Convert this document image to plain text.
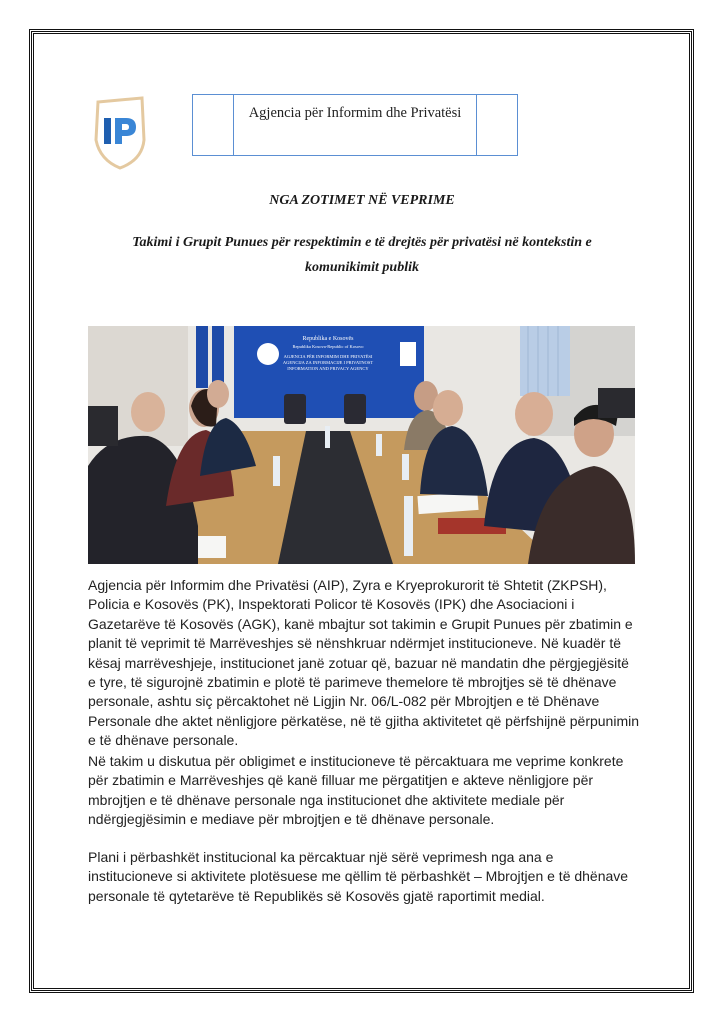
Agjencia për Informim dhe Privatësi
NGA ZOTIMET NË VEPRIME
Takimi i Grupit Punues për respektimin e të drejtës për privatësi në kontekstin e komunikimit publik
Republika e Kosovës
Republika Kosova-Republic of Kosovo
AGJENCIA PËR INFORMIM DHE PRIVATËSI
AGENCIJA ZA INFORMACIJE I PRIVATNOST
INFORMATION AND PRIVACY AGENCY

Agjencia për Informim dhe Privatësi (AIP), Zyra e Kryeprokurorit të Shtetit (ZKPSH), Policia e Kosovës (PK), Inspektorati Policor të Kosovës (IPK) dhe Asociacioni i Gazetarëve të Kosovës (AGK), kanë mbajtur sot takimin e Grupit Punues për zbatimin e planit të veprimit të Marrëveshjes së nënshkruar ndërmjet institucioneve. Në kuadër të kësaj marrëveshjeje, institucionet janë zotuar që, bazuar në mandatin dhe përgjegjësitë e tyre, të sigurojnë zbatimin e plotë të parimeve themelore të mbrojtjes së të dhënave personale, ashtu siç përcaktohet në Ligjin Nr. 06/L-082 për Mbrojtjen e të Dhënave Personale dhe aktet nënligjore përkatëse, në të gjitha aktivitetet që përfshijnë përpunimin e të dhënave personale.

Në takim u diskutua për obligimet e institucioneve të përcaktuara me veprime konkrete për zbatimin e Marrëveshjes që kanë filluar me përgatitjen e akteve nënligjore për mbrojtjen e të dhënave personale nga institucionet dhe aktivitete mediale për ndërgjegjësimin e mediave për mbrojtjen e të dhënave personale.

Plani i përbashkët institucional ka përcaktuar një sërë veprimesh nga ana e institucioneve si aktivitete plotësuese me qëllim të përbashkët – Mbrojtjen e të dhënave personale të qytetarëve të Republikës së Kosovës gjatë raportimit medial.
